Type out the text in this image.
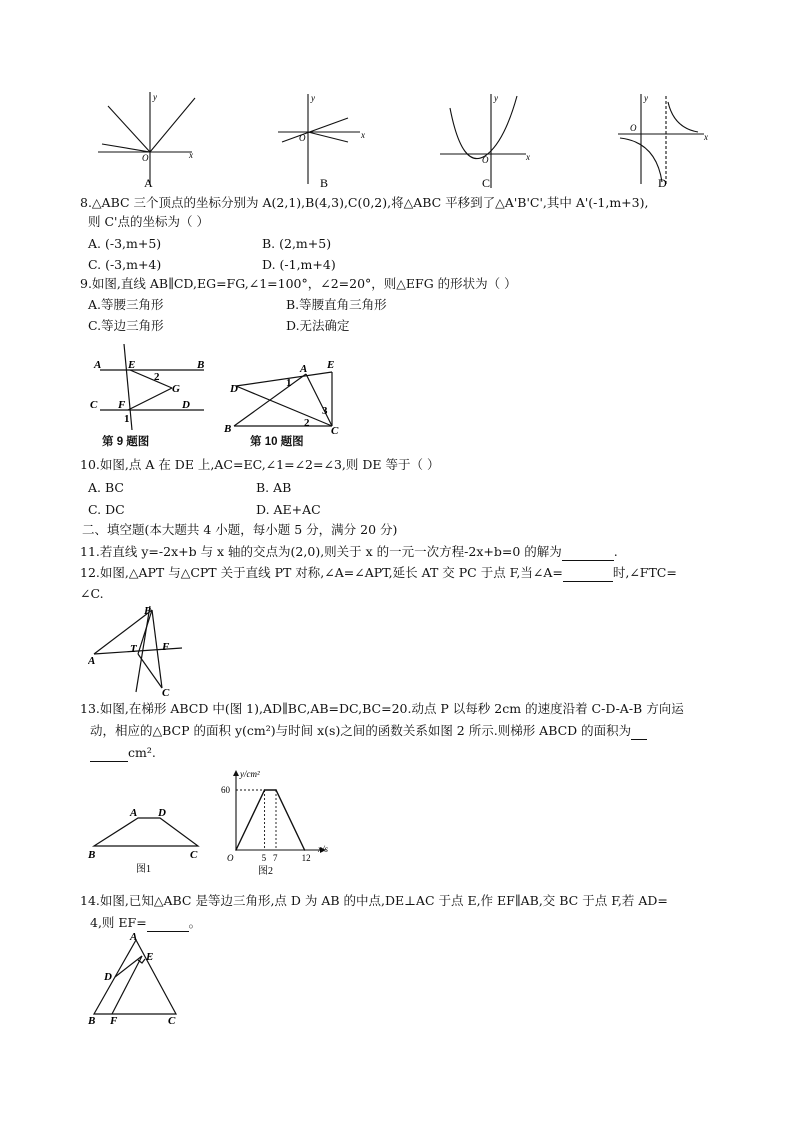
y
x
O
y
x
O
y
x
O
y
x
O
A	B	C	D
8.△ABC 三个顶点的坐标分别为 A(2,1),B(4,3),C(0,2),将△ABC 平移到了△A'B'C',其中 A'(-1,m+3),
则 C'点的坐标为（ ）
A. (-3,m+5)	B. (2,m+5)
C. (-3,m+4)	D. (-1,m+4)
9.如图,直线 AB∥CD,EG=FG,∠1=100°，∠2=20°，则△EFG 的形状为（ ）
A.等腰三角形	B.等腰直角三角形
C.等边三角形	D.无法确定
A E	B
2
G
C F	D
1
第 9 题图
D
A E
1
3
2
B	C
第 10 题图
10.如图,点 A 在 DE 上,AC=EC,∠1=∠2=∠3,则 DE 等于（ ）
A. BC	B. AB
C. DC	D. AE+AC
二、填空题(本大题共 4 小题，每小题 5 分，满分 20 分)
11.若直线 y=-2x+b 与 x 轴的交点为(2,0),则关于 x 的一元一次方程-2x+b=0 的解为	.
12.如图,△APT 与△CPT 关于直线 PT 对称,∠A=∠APT,延长 AT 交 PC 于点 F,当∠A=	时,∠FTC=
∠C.
P
A
T F
C
13.如图,在梯形 ABCD 中(图 1),AD∥BC,AB=DC,BC=20.动点 P 以每秒 2cm 的速度沿着 C-D-A-B 方向运
动，相应的△BCP 的面积 y(cm²)与时间 x(s)之间的函数关系如图 2 所示.则梯形 ABCD 的面积为
cm².
A D
B	C
图1
5 7	12
60
O
y/cm²
x/s
图2
14.如图,已知△ABC 是等边三角形,点 D 为 AB 的中点,DE⊥AC 于点 E,作 EF∥AB,交 BC 于点 F,若 AD=
4,则 EF=	。
A
E
D
B F	C
